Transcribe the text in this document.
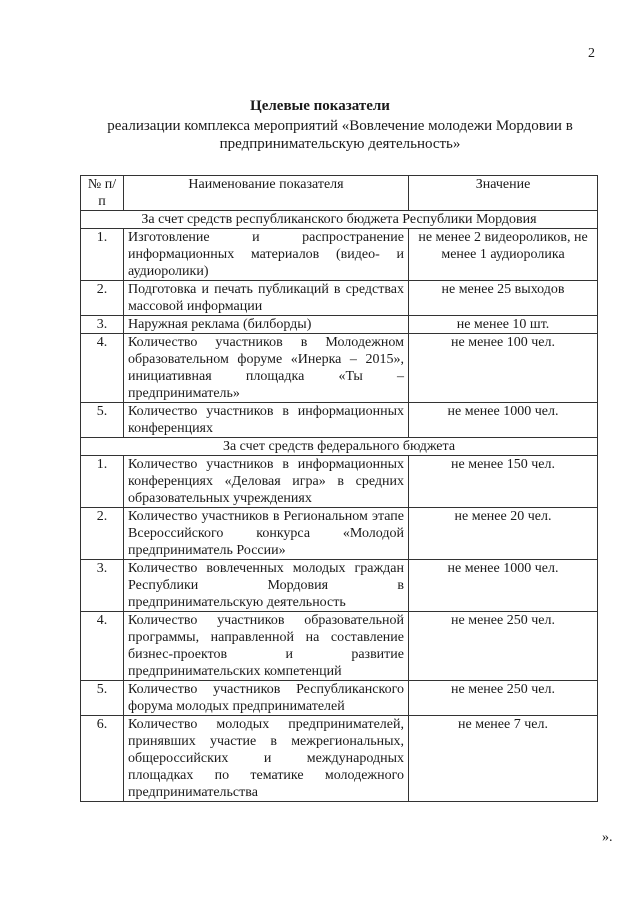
2
Целевые показатели
реализации комплекса мероприятий «Вовлечение молодежи Мордовии в предпринимательскую деятельность»
№ п/п	Наименование показателя	Значение
За счет средств республиканского бюджета Республики Мордовия		
1.	Изготовление и распространение информационных материалов (видео- и аудиоролики)	не менее 2 видеороликов, не менее 1 аудиоролика
2.	Подготовка и печать публикаций в средствах массовой информации	не менее 25 выходов
3.	Наружная реклама (билборды)	не менее 10 шт.
4.	Количество участников в Молодежном образовательном форуме «Инерка – 2015», инициативная площадка «Ты – предприниматель»	не менее 100 чел.
5.	Количество участников в информационных конференциях	не менее 1000 чел.
За счет средств федерального бюджета		
1.	Количество участников в информационных конференциях «Деловая игра» в средних образовательных учреждениях	не менее 150 чел.
2.	Количество участников в Региональном этапе Всероссийского конкурса «Молодой предприниматель России»	не менее 20 чел.
3.	Количество вовлеченных молодых граждан Республики Мордовия в предпринимательскую деятельность	не менее 1000 чел.
4.	Количество участников образовательной программы, направленной на составление бизнес-проектов и развитие предпринимательских компетенций	не менее 250 чел.
5.	Количество участников Республиканского форума молодых предпринимателей	не менее 250 чел.
6.	Количество молодых предпринимателей, принявших участие в межрегиональных, общероссийских и международных площадках по тематике молодежного предпринимательства	не менее 7 чел.
».
